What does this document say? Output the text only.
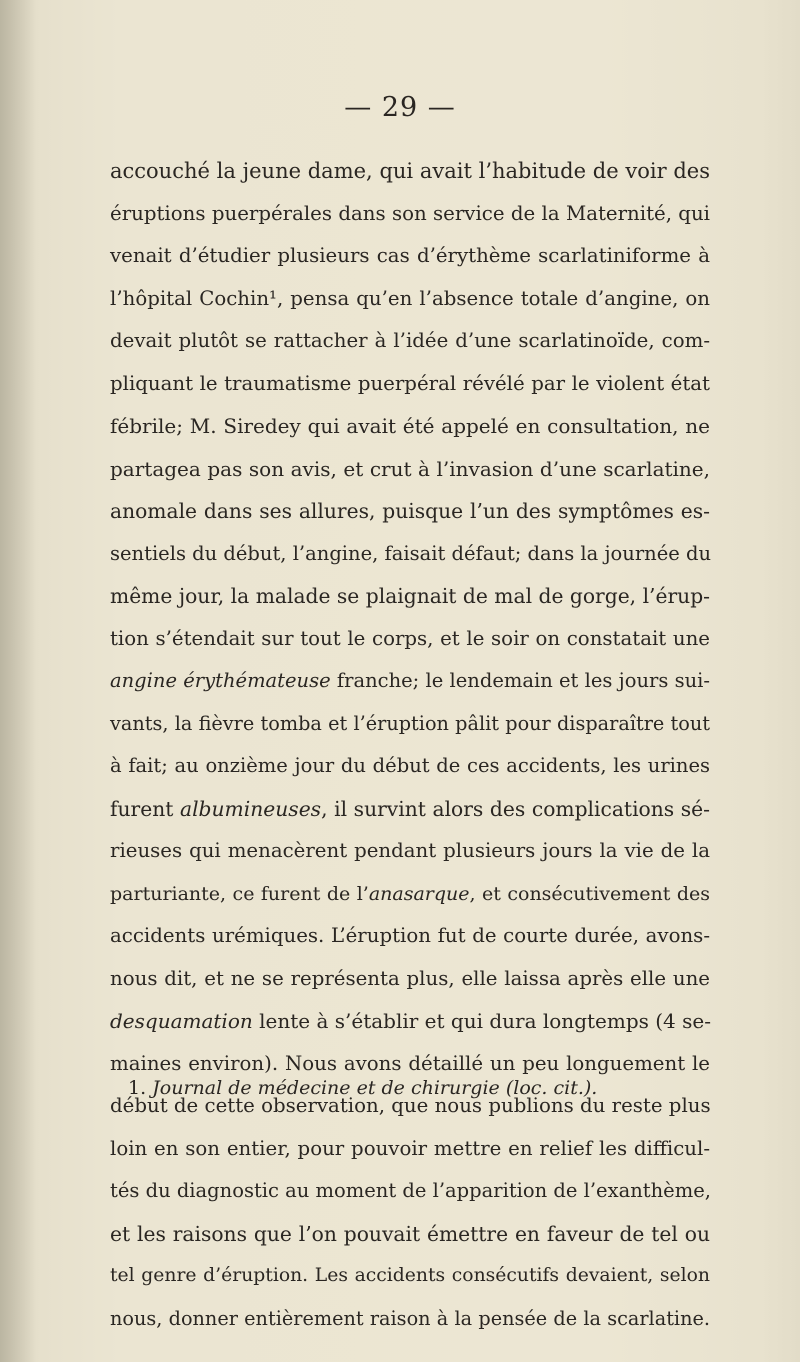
— 29 —
accouché la jeune dame, qui avait l’habitude de voir des
éruptions puerpérales dans son service de la Maternité, qui
venait d’étudier plusieurs cas d’érythème scarlatiniforme à
l’hôpital Cochin¹, pensa qu’en l’absence totale d’angine, on
devait plutôt se rattacher à l’idée d’une scarlatinoïde, com-
pliquant le traumatisme puerpéral révélé par le violent état
fébrile; M. Siredey qui avait été appelé en consultation, ne
partagea pas son avis, et crut à l’invasion d’une scarlatine,
anomale dans ses allures, puisque l’un des symptômes es-
sentiels du début, l’angine, faisait défaut; dans la journée du
même jour, la malade se plaignait de mal de gorge, l’érup-
tion s’étendait sur tout le corps, et le soir on constatait une
angine érythémateuse franche; le lendemain et les jours sui-
vants, la fièvre tomba et l’éruption pâlit pour disparaître tout
à fait; au onzième jour du début de ces accidents, les urines
furent albumineuses, il survint alors des complications sé-
rieuses qui menacèrent pendant plusieurs jours la vie de la
parturiante, ce furent de l’anasarque, et consécutivement des
accidents urémiques. L’éruption fut de courte durée, avons-
nous dit, et ne se représenta plus, elle laissa après elle une
desquamation lente à s’établir et qui dura longtemps (4 se-
maines environ). Nous avons détaillé un peu longuement le
début de cette observation, que nous publions du reste plus
loin en son entier, pour pouvoir mettre en relief les difficul-
tés du diagnostic au moment de l’apparition de l’exanthème,
et les raisons que l’on pouvait émettre en faveur de tel ou
tel genre d’éruption. Les accidents consécutifs devaient, selon
nous, donner entièrement raison à la pensée de la scarlatine.
1. Journal de médecine et de chirurgie (loc. cit.).
